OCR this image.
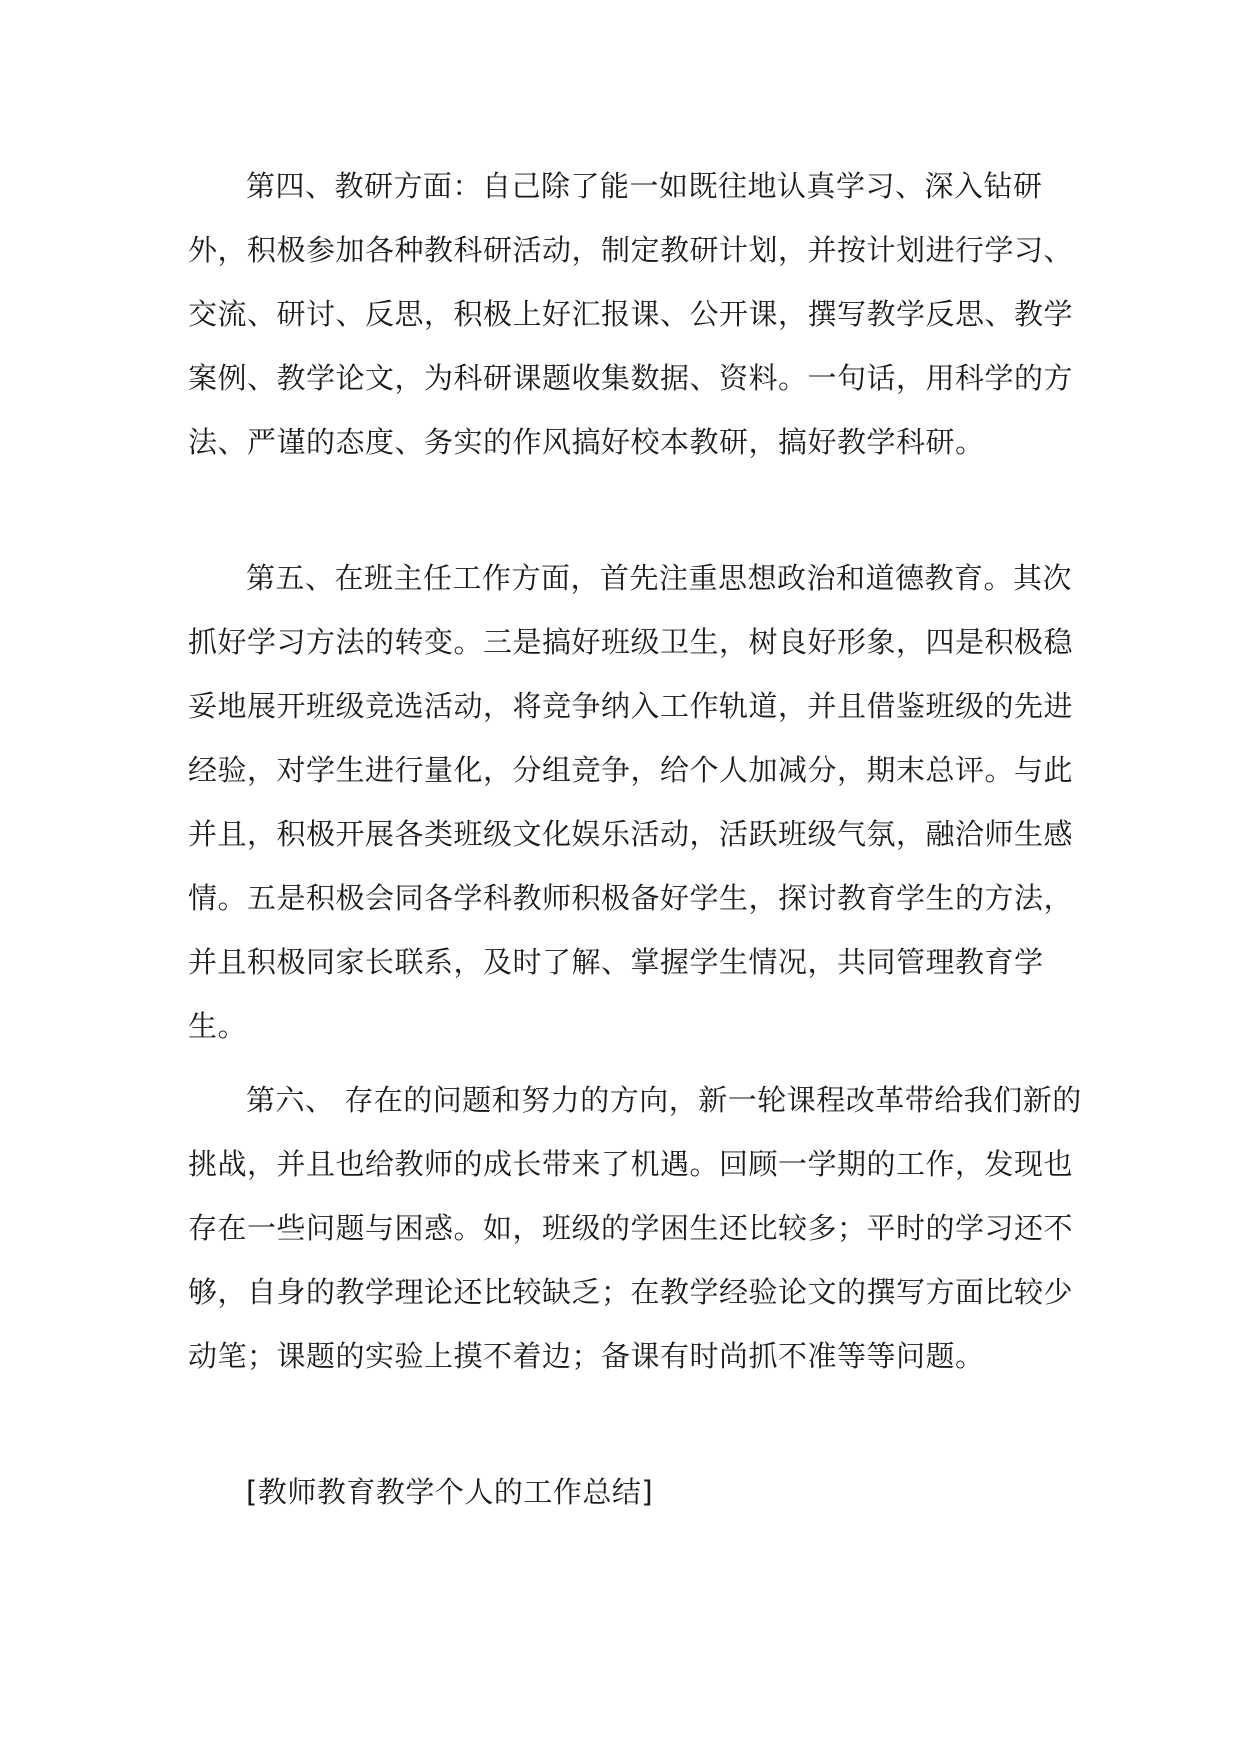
第四、教研方面：自己除了能一如既往地认真学习、深入钻研外，积极参加各种教科研活动，制定教研计划，并按计划进行学习、交流、研讨、反思，积极上好汇报课、公开课，撰写教学反思、教学案例、教学论文，为科研课题收集数据、资料。一句话，用科学的方法、严谨的态度、务实的作风搞好校本教研，搞好教学科研。

第五、在班主任工作方面，首先注重思想政治和道德教育。其次抓好学习方法的转变。三是搞好班级卫生，树良好形象，四是积极稳妥地展开班级竞选活动，将竞争纳入工作轨道，并且借鉴班级的先进经验，对学生进行量化，分组竞争，给个人加减分，期末总评。与此并且，积极开展各类班级文化娱乐活动，活跃班级气氛，融洽师生感情。五是积极会同各学科教师积极备好学生，探讨教育学生的方法，并且积极同家长联系，及时了解、掌握学生情况，共同管理教育学生。

第六、 存在的问题和努力的方向，新一轮课程改革带给我们新的挑战，并且也给教师的成长带来了机遇。回顾一学期的工作，发现也存在一些问题与困惑。如，班级的学困生还比较多；平时的学习还不够，自身的教学理论还比较缺乏；在教学经验论文的撰写方面比较少动笔；课题的实验上摸不着边；备课有时尚抓不准等等问题。

[教师教育教学个人的工作总结]
